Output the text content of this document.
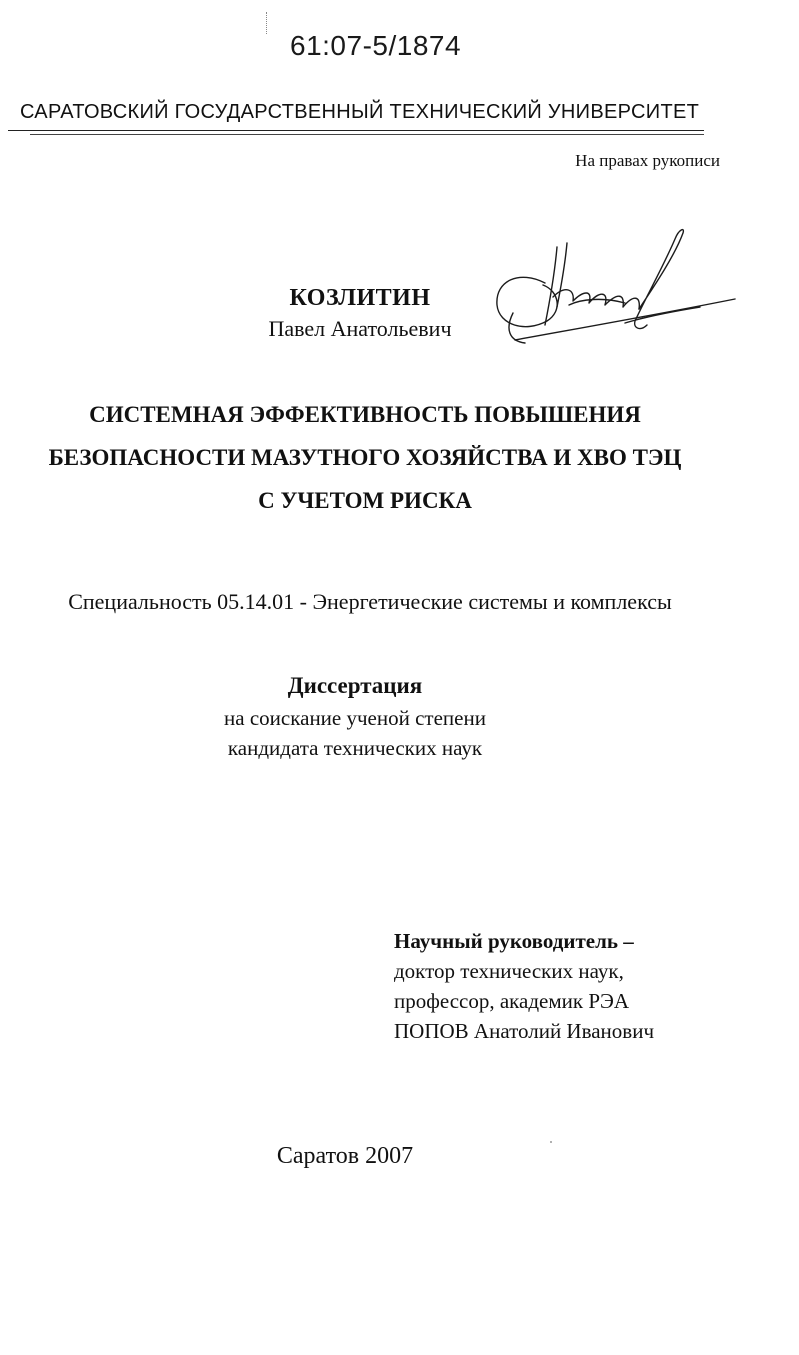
61:07-5/1874
САРАТОВСКИЙ ГОСУДАРСТВЕННЫЙ ТЕХНИЧЕСКИЙ УНИВЕРСИТЕТ
На правах рукописи
КОЗЛИТИН
Павел Анатольевич
СИСТЕМНАЯ ЭФФЕКТИВНОСТЬ ПОВЫШЕНИЯ
БЕЗОПАСНОСТИ МАЗУТНОГО ХОЗЯЙСТВА И ХВО ТЭЦ
С УЧЕТОМ РИСКА
Специальность 05.14.01 - Энергетические системы и комплексы
Диссертация
на соискание ученой степени
кандидата технических наук
Научный руководитель –
доктор технических наук,
профессор, академик РЭА
ПОПОВ Анатолий Иванович
Саратов 2007
